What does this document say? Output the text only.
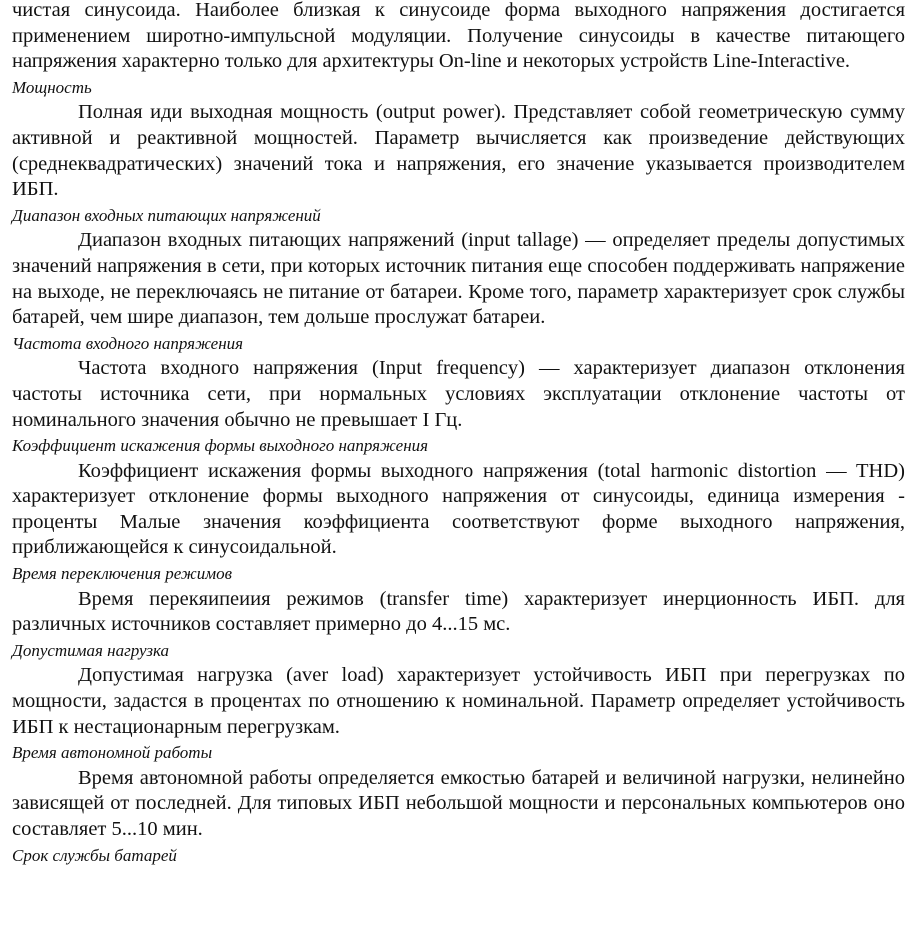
чистая синусоида. Наиболее близкая к синусоиде форма выходного напряжения достигается применением широтно-импульсной модуляции. Получение синусоиды в качестве питающего напряжения характерно только для архитектуры On-line и некоторых устройств Line-Interactive.

Мощность

Полная иди выходная мощность (output power). Представляет собой геометрическую сумму активной и реактивной мощностей. Параметр вычисляется как произведение действующих (среднеквадратических) значений тока и напряжения, его значение указывается производителем ИБП.

Диапазон входных питающих напряжений

Диапазон входных питающих напряжений (input tallage) — определяет пределы допустимых значений напряжения в сети, при которых источник питания еще способен поддерживать напряжение на выходе, не переключаясь не питание от батареи. Кроме того, параметр характеризует срок службы батарей, чем шире диапазон, тем дольше прослужат батареи.

Частота входного напряжения

Частота входного напряжения (Input frequency) — характеризует диапазон отклонения частоты источника сети, при нормальных условиях эксплуатации отклонение частоты от номинального значения обычно не превышает I Гц.

Коэффициент искажения формы выходного напряжения

Коэффициент искажения формы выходного напряжения (total harmonic distortion — THD) характеризует отклонение формы выходного напряжения от синусоиды, единица измерения - проценты Малые значения коэффициента соответствуют форме выходного напряжения, приближающейся к синусоидальной.

Время переключения режимов

Время перекяипеиия режимов (transfer time) характеризует инерционность ИБП. для различных источников составляет примерно до 4...15 мс.

Допустимая нагрузка

Допустимая нагрузка (aver load) характеризует устойчивость ИБП при перегрузках по мощности, задастся в процентах по отношению к номинальной. Параметр определяет устойчивость ИБП к нестационарным перегрузкам.

Время автономной работы

Время автономной работы определяется емкостью батарей и величиной нагрузки, нелинейно зависящей от последней. Для типовых ИБП небольшой мощности и персональных компьютеров оно составляет 5...10 мин.

Срок службы батарей
